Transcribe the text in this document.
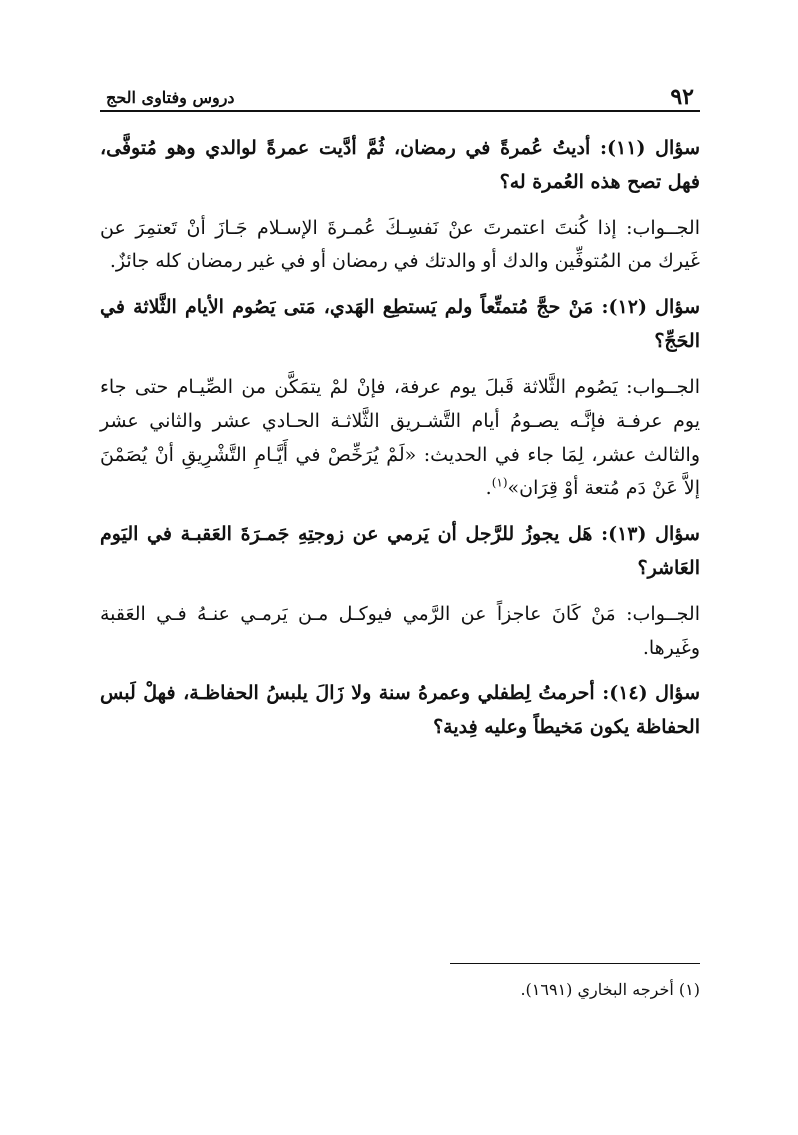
٩٢
دروس وفتاوى الحج

سؤال (١١): أديتُ عُمرةً في رمضان، ثُمَّ أدَّيت عمرةً لوالدي وهو مُتوفَّى، فهل تصح هذه العُمرة له؟

الجــواب: إذا كُنتَ اعتمرتَ عنْ نَفسِـكَ عُمـرةَ الإسـلام جَـازَ أنْ تَعتمِرَ عن غَيرك من المُتوفِّين والدك أو والدتك في رمضان أو في غير رمضان كله جائزٌ.

سؤال (١٢): مَنْ حجَّ مُتمتِّعاً ولم يَستطِع الهَدي، مَتى يَصُوم الأيام الثَّلاثة في الحَجِّ؟

الجــواب: يَصُوم الثَّلاثة قَبلَ يوم عرفة، فإنْ لمْ يتمَكَّن من الصِّيـام حتى جاء يوم عرفـة فإنَّـه يصـومُ أيام التَّشـريق الثَّلاثـة الحـادي عشر والثاني عشر والثالث عشر، لِمَا جاء في الحديث: «لَمْ يُرَخِّصْ في أَيَّـامِ التَّشْرِيقِ أنْ يُصَمْنَ إلاَّ عَنْ دَم مُتعة أوْ قِرَان»$^{(١)}$.

سؤال (١٣): هَل يجوزُ للرَّجل أن يَرمي عن زوجتِهِ جَمـرَةَ العَقبـة في اليَوم العَاشر؟

الجــواب: مَنْ كَانَ عاجزاً عن الرَّمي فيوكـل مـن يَرمـي عنـهُ فـي العَقبة وغَيرها.

سؤال (١٤): أحرمتُ لِطفلي وعمرهُ سنة ولا زَالَ يلبسُ الحفاظـة، فهلْ لَبس الحفاظة يكون مَخيطاً وعليه فِدية؟

(١) أخرجه البخاري (١٦٩١).
